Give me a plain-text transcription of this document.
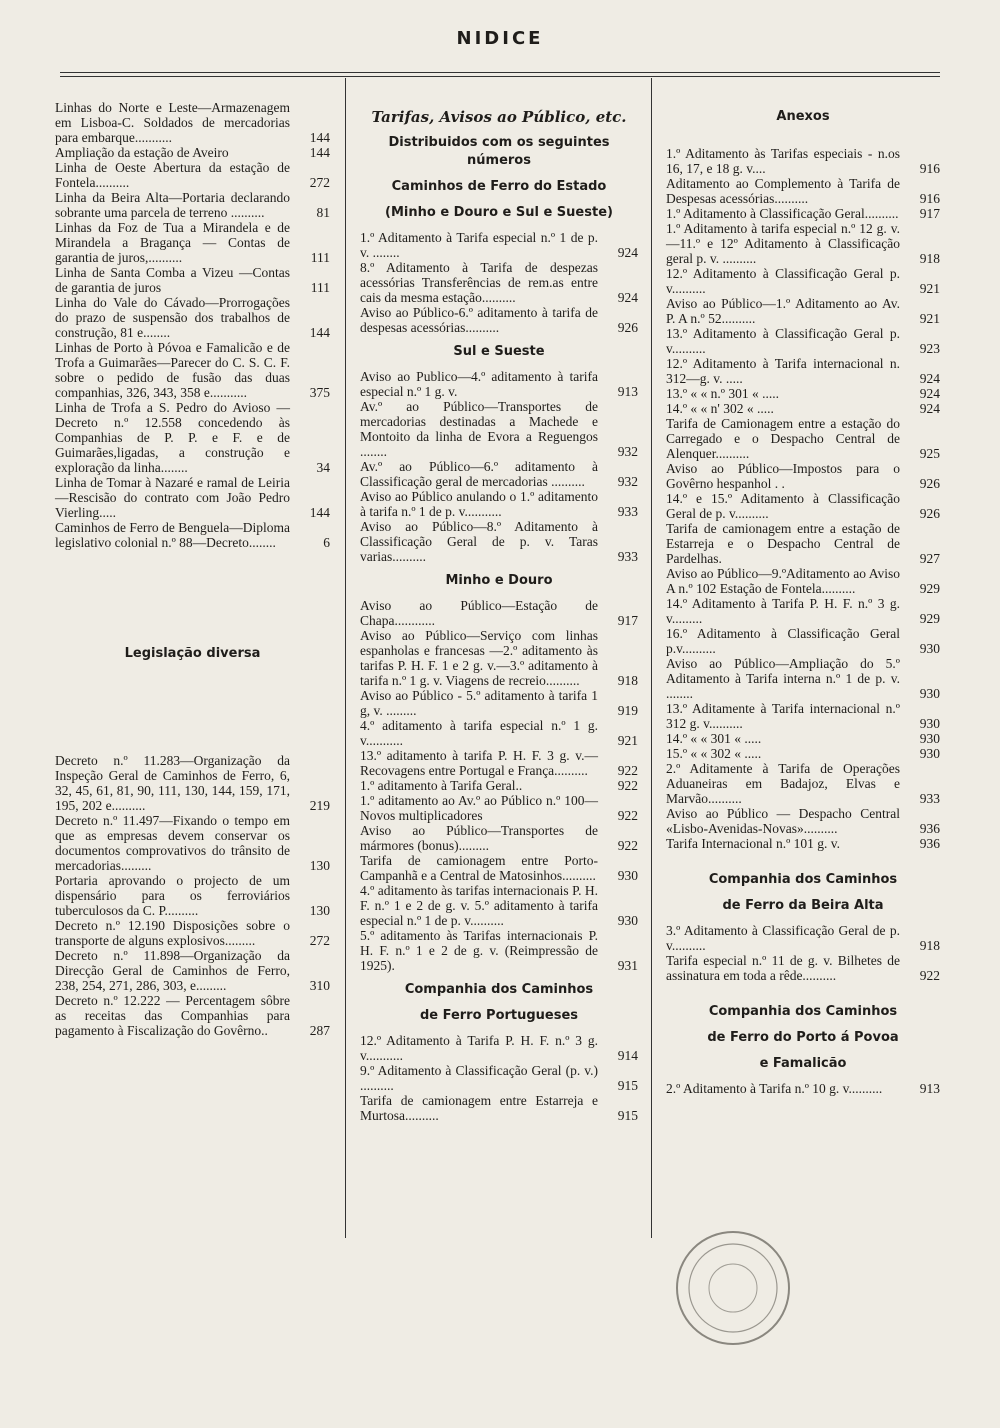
NIDICE
Linhas do Norte e Leste—Armazenagem em Lisboa-C. Soldados de mercadorias para embarque...........	144
Ampliação da estação de Aveiro	144
Linha de Oeste Abertura da estação de Fontela..........	272
Linha da Beira Alta—Portaria declarando sobrante uma parcela de terreno ..........	81
Linhas da Foz de Tua a Mirandela e de Mirandela a Bragança — Contas de garantia de juros,..........	111
Linha de Santa Comba a Vizeu —Contas de garantia de juros	111
Linha do Vale do Cávado—Prorrogações do prazo de suspensão dos trabalhos de construção, 81 e........	144
Linhas de Porto à Póvoa e Famalicão e de Trofa a Guimarães—Parecer do C. S. C. F. sobre o pedido de fusão das duas companhias, 326, 343, 358 e...........	375
Linha de Trofa a S. Pedro do Avioso — Decreto n.º 12.558 concedendo às Companhias de P. P. e F. e de Guimarães,ligadas, a construção e exploração da linha........	34
Linha de Tomar à Nazaré e ramal de Leiria—Rescisão do contrato com João Pedro Vierling.....	144
Caminhos de Ferro de Benguela—Diploma legislativo colonial n.º 88—Decreto........	6
Legislação diversa
Decreto n.º 11.283—Organização da Inspeção Geral de Caminhos de Ferro, 6, 32, 45, 61, 81, 90, 111, 130, 144, 159, 171, 195, 202 e..........	219
Decreto n.º 11.497—Fixando o tempo em que as empresas devem conservar os documentos comprovativos do trânsito de mercadorias.........	130
Portaria aprovando o projecto de um dispensário para os ferroviários tuberculosos da C. P..........	130
Decreto n.º 12.190 Disposições sobre o transporte de alguns explosivos.........	272
Decreto n.º 11.898—Organização da Direcção Geral de Caminhos de Ferro, 238, 254, 271, 286, 303, e.........	310
Decreto n.º 12.222 — Percentagem sôbre as receitas das Companhias para pagamento à Fiscalização do Govêrno..	287
Tarifas, Avisos ao Público, etc.
Distribuidos com os seguintes números
Caminhos de Ferro do Estado
(Minho e Douro e Sul e Sueste)
1.º Aditamento à Tarifa especial n.º 1 de p. v. ........	924
8.º Aditamento à Tarifa de despezas acessórias Transferências de rem.as entre cais da mesma estação..........	924
Aviso ao Público-6.º aditamento à tarifa de despesas acessórias..........	926
Sul e Sueste
Aviso ao Publico—4.º aditamento à tarifa especial n.º 1 g. v.	913
Av.º ao Público—Transportes de mercadorias destinadas a Machede e Montoito da linha de Evora a Reguengos ........	932
Av.º ao Público—6.º aditamento à Classificação geral de mercadorias ..........	932
Aviso ao Público anulando o 1.º aditamento à tarifa n.º 1 de p. v...........	933
Aviso ao Público—8.º Aditamento à Classificação Geral de p. v. Taras varias..........	933
Minho e Douro
Aviso ao Público—Estação de Chapa............	917
Aviso ao Público—Serviço com linhas espanholas e francesas —2.º aditamento às tarifas P. H. F. 1 e 2 g. v.—3.º aditamento à tarifa n.º 1 g. v. Viagens de recreio..........	918
Aviso ao Público - 5.º aditamento à tarifa 1 g, v. .........	919
4.º aditamento à tarifa especial n.º 1 g. v...........	921
13.º aditamento à tarifa P. H. F. 3 g. v.—Recovagens entre Portugal e França..........	922
1.º aditamento à Tarifa Geral..	922
1.º aditamento ao Av.º ao Público n.º 100—Novos multiplicadores	922
Aviso ao Público—Transportes de mármores (bonus).........	922
Tarifa de camionagem entre Porto-Campanhã e a Central de Matosinhos.......... 930
4.º aditamento às tarifas internacionais P. H. F. n.º 1 e 2 de g. v. 5.º aditamento à tarifa especial n.º 1 de p. v..........	930
5.º aditamento às Tarifas internacionais P. H. F. n.º 1 e 2 de g. v. (Reimpressão de 1925).	931
Companhia dos Caminhos
de Ferro Portugueses
12.º Aditamento à Tarifa P. H. F. n.º 3 g. v...........	914
9.º Aditamento à Classificação Geral (p. v.) ..........	915
Tarifa de camionagem entre Estarreja e Murtosa..........	915
Anexos
1.º Aditamento às Tarifas especiais - n.os 16, 17, e 18 g. v....	916
Aditamento ao Complemento à Tarifa de Despesas acessórias..........	916
1.º Aditamento à Classificação Geral.......... 917
1.º Aditamento à tarifa especial n.º 12 g. v.—11.º e 12º Aditamento à Classificação geral p. v. ..........	918
12.º Aditamento à Classificação Geral p. v..........	921
Aviso ao Público—1.º Aditamento ao Av. P. A n.º 52..........	921
13.º Aditamento à Classificação Geral p. v..........	923
12.º Aditamento à Tarifa internacional n. 312—g. v. .....	924
13.º « « n.º 301 « .....	924
14.º « « n' 302 « .....	924
Tarifa de Camionagem entre a estação do Carregado e o Despacho Central de Alenquer..........	925
Aviso ao Público—Impostos para o Govêrno hespanhol . .	926
14.º e 15.º Aditamento à Classificação Geral de p. v..........	926
Tarifa de camionagem entre a estação de Estarreja e o Despacho Central de Pardelhas.	927
Aviso ao Público—9.ºAditamento ao Aviso A n.º 102 Estação de Fontela..........	929
14.º Aditamento à Tarifa P. H. F. n.º 3 g. v.........	929
16.º Aditamento à Classificação Geral p.v..........	930
Aviso ao Público—Ampliação do 5.º Aditamento à Tarifa interna n.º 1 de p. v. ........	930
13.º Aditamente à Tarifa internacional n.º 312 g. v..........	930
14.º « « 301 « .....	930
15.º « « 302 « .....	930
2.º Aditamente à Tarifa de Operações Aduaneiras em Badajoz, Elvas e Marvão..........	933
Aviso ao Público — Despacho Central «Lisbo-Avenidas-Novas»..........	936
Tarifa Internacional n.º 101 g. v.	936
Companhia dos Caminhos
de Ferro da Beira Alta
3.º Aditamento à Classificação Geral de p. v..........	918
Tarifa especial n.º 11 de g. v. Bilhetes de assinatura em toda a rêde..........	922
Companhia dos Caminhos
de Ferro do Porto á Povoa
e Famalicão
2.º Aditamento à Tarifa n.º 10 g. v..........	913
